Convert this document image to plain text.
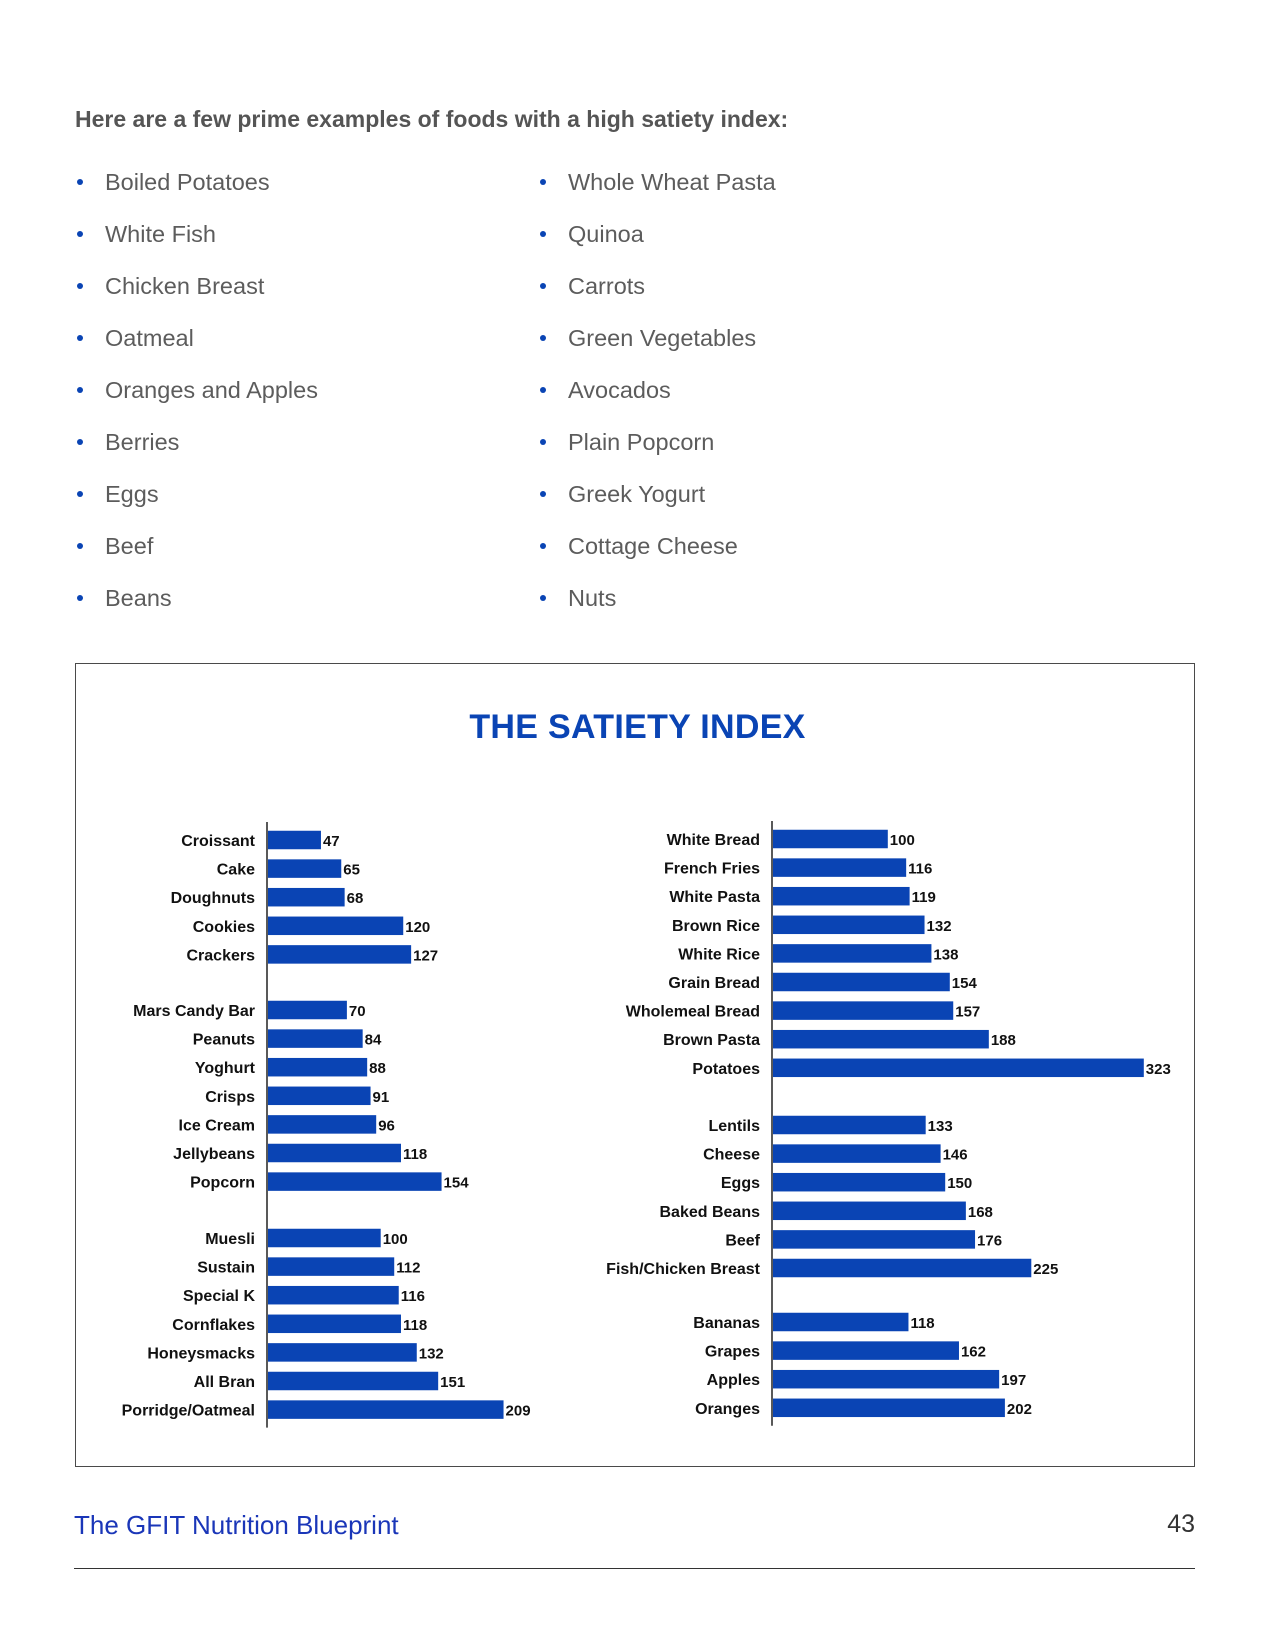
Here are a few prime examples of foods with a high satiety index:

Boiled Potatoes
White Fish
Chicken Breast
Oatmeal
Oranges and Apples
Berries
Eggs
Beef
Beans
Whole Wheat Pasta
Quinoa
Carrots
Green Vegetables
Avocados
Plain Popcorn
Greek Yogurt
Cottage Cheese
Nuts
THE SATIETY INDEX
Croissant	47
Cake	65
Doughnuts	68
Cookies	120
Crackers	127
Mars Candy Bar	70
Peanuts	84
Yoghurt	88
Crisps	91
Ice Cream	96
Jellybeans	118
Popcorn	154
Muesli	100
Sustain	112
Special K	116
Cornflakes	118
Honeysmacks	132
All Bran	151
Porridge/Oatmeal	209
White Bread	100
French Fries	116
White Pasta	119
Brown Rice	132
White Rice	138
Grain Bread	154
Wholemeal Bread	157
Brown Pasta	188
Potatoes	323
Lentils	133
Cheese	146
Eggs	150
Baked Beans	168
Beef	176
Fish/Chicken Breast	225
Bananas	118
Grapes	162
Apples	197
Oranges	202
The GFIT Nutrition Blueprint	43
